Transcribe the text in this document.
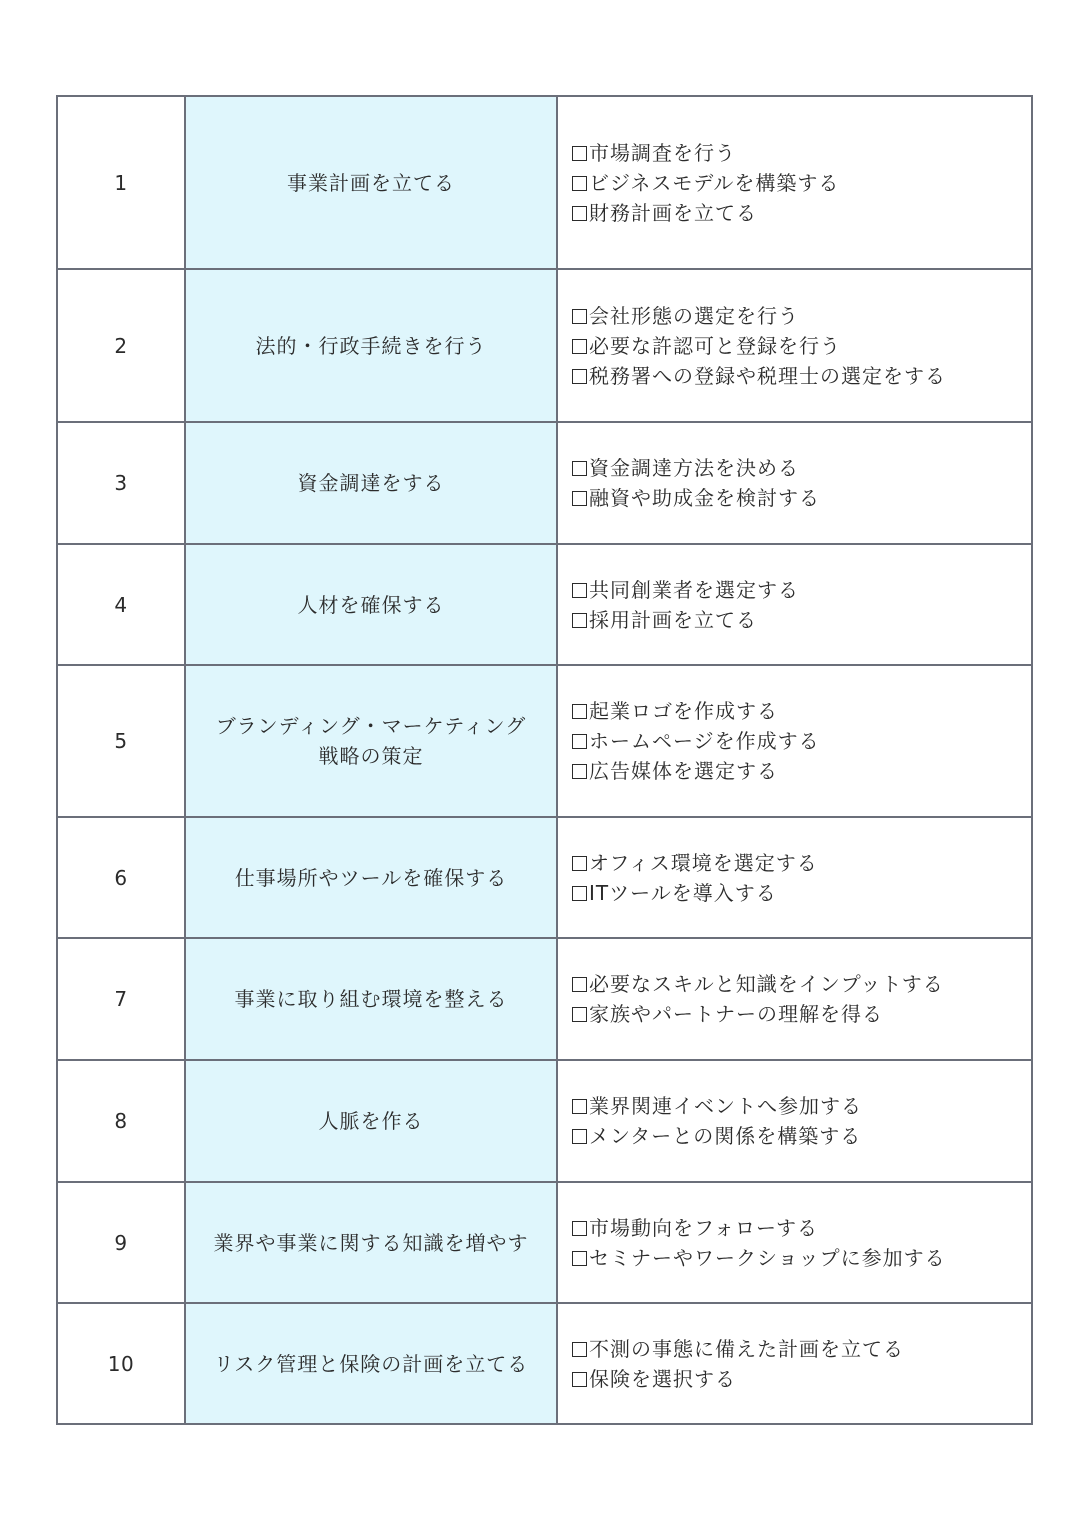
1	事業計画を立てる	市場調査を行う
ビジネスモデルを構築する
財務計画を立てる

2	法的・行政手続きを行う	会社形態の選定を行う
必要な許認可と登録を行う
税務署への登録や税理士の選定をする

3	資金調達をする	資金調達方法を決める
融資や助成金を検討する

4	人材を確保する	共同創業者を選定する
採用計画を立てる

5	ブランディング・マーケティング
戦略の策定	起業ロゴを作成する
ホームページを作成する
広告媒体を選定する

6	仕事場所やツールを確保する	オフィス環境を選定する
ITツールを導入する

7	事業に取り組む環境を整える	必要なスキルと知識をインプットする
家族やパートナーの理解を得る

8	人脈を作る	業界関連イベントへ参加する
メンターとの関係を構築する

9	業界や事業に関する知識を増やす	市場動向をフォローする
セミナーやワークショップに参加する

10	リスク管理と保険の計画を立てる	不測の事態に備えた計画を立てる
保険を選択する
